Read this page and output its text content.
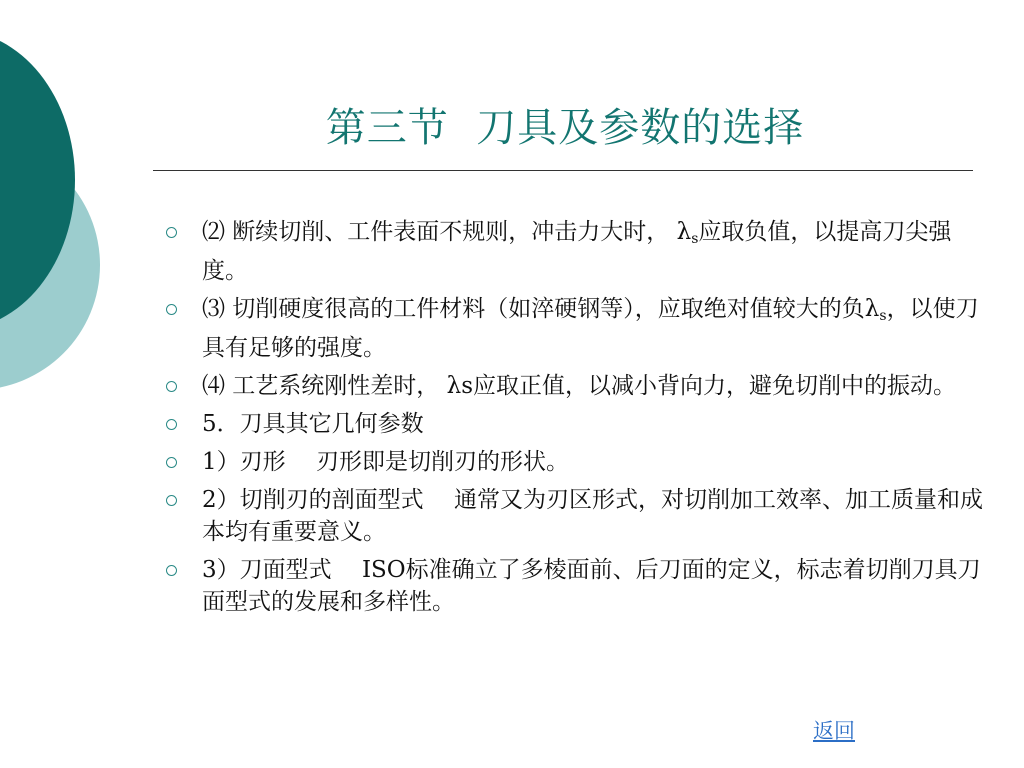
第三节  刀具及参数的选择
⑵ 断续切削、工件表面不规则，冲击力大时， $\lambda_s$应取负值，以提高刀尖强度。
⑶ 切削硬度很高的工件材料（如淬硬钢等），应取绝对值较大的负$\lambda_s$，以使刀具有足够的强度。
⑷ 工艺系统刚性差时， λs应取正值，以减小背向力，避免切削中的振动。
5．刀具其它几何参数
1）刃形　 刃形即是切削刃的形状。
2）切削刃的剖面型式　 通常又为刃区形式，对切削加工效率、加工质量和成本均有重要意义。
3）刀面型式　 ISO标准确立了多棱面前、后刀面的定义，标志着切削刀具刀面型式的发展和多样性。
返回
